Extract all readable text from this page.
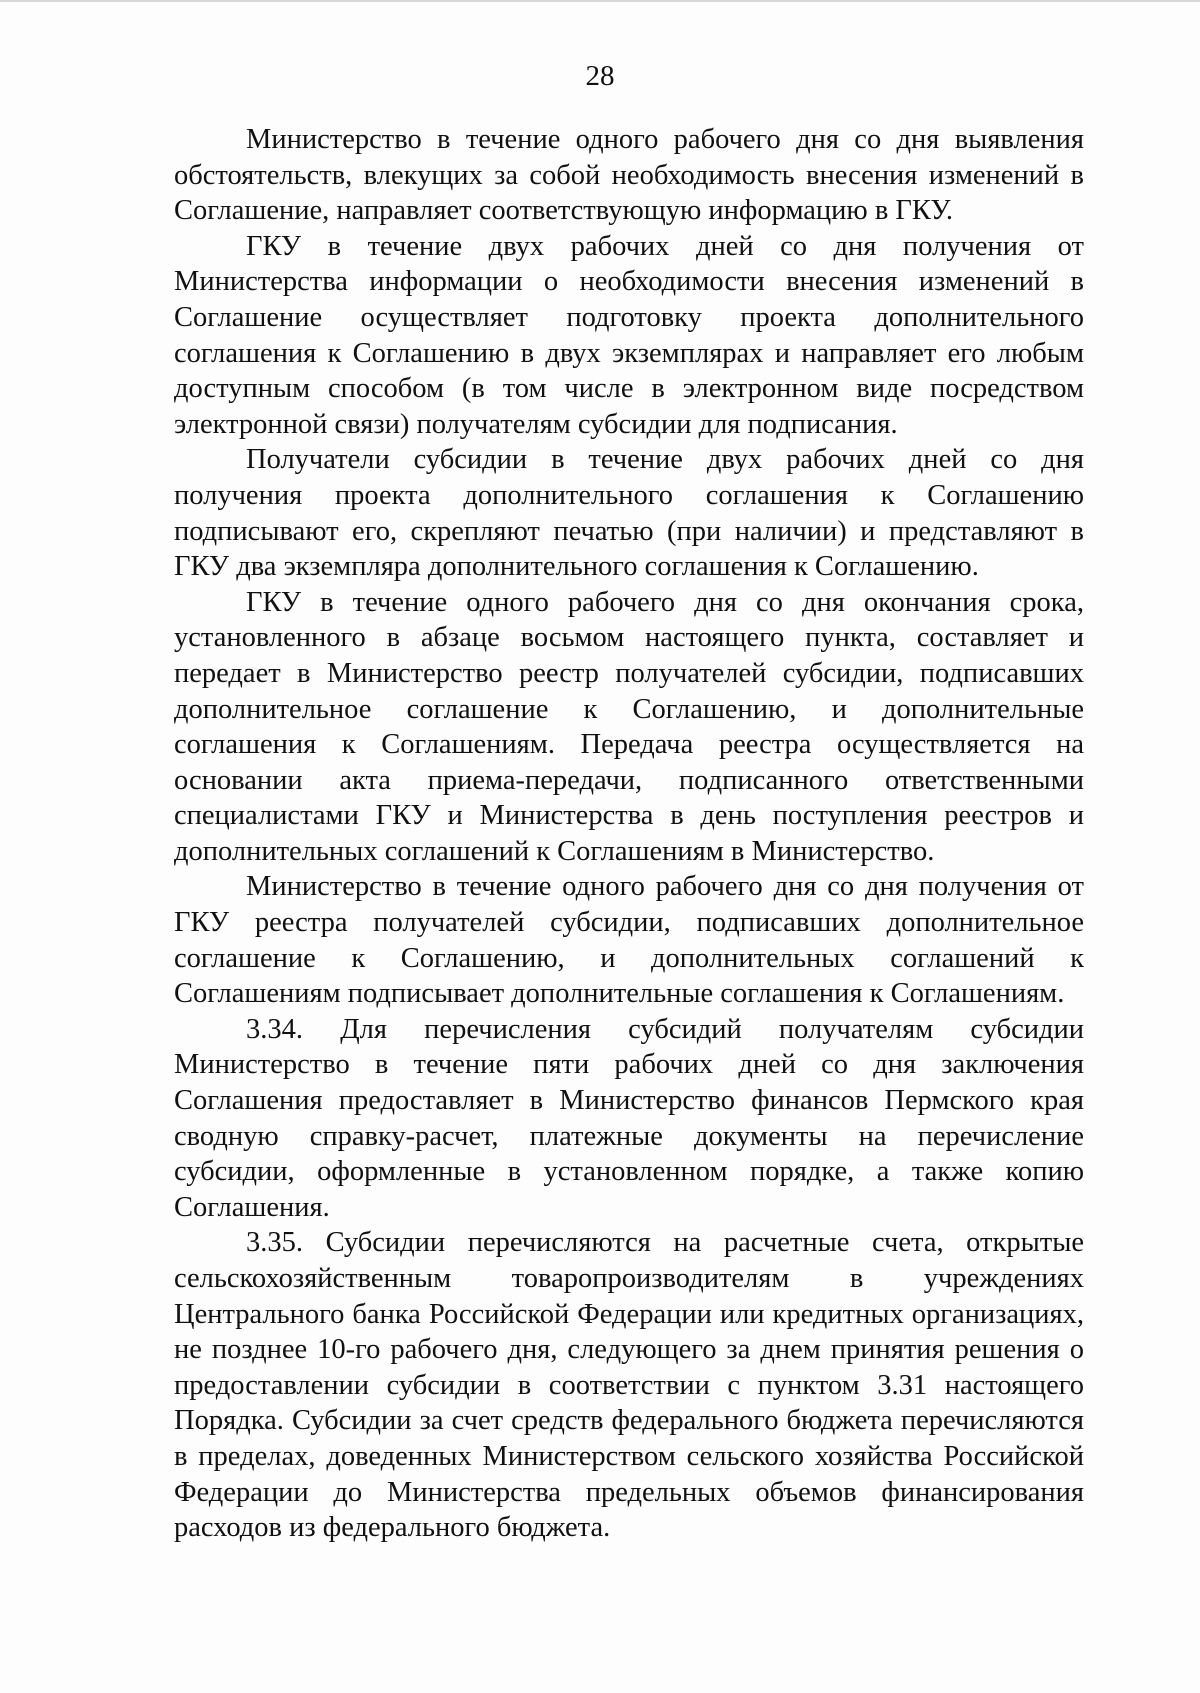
28

Министерство в течение одного рабочего дня со дня выявления обстоятельств, влекущих за собой необходимость внесения изменений в Соглашение, направляет соответствующую информацию в ГКУ.

ГКУ в течение двух рабочих дней со дня получения от Министерства информации о необходимости внесения изменений в Соглашение осуществляет подготовку проекта дополнительного соглашения к Соглашению в двух экземплярах и направляет его любым доступным способом (в том числе в электронном виде посредством электронной связи) получателям субсидии для подписания.

Получатели субсидии в течение двух рабочих дней со дня получения проекта дополнительного соглашения к Соглашению подписывают его, скрепляют печатью (при наличии) и представляют в ГКУ два экземпляра дополнительного соглашения к Соглашению.

ГКУ в течение одного рабочего дня со дня окончания срока, установленного в абзаце восьмом настоящего пункта, составляет и передает в Министерство реестр получателей субсидии, подписавших дополнительное соглашение к Соглашению, и дополнительные соглашения к Соглашениям. Передача реестра осуществляется на основании акта приема-передачи, подписанного ответственными специалистами ГКУ и Министерства в день поступления реестров и дополнительных соглашений к Соглашениям в Министерство.

Министерство в течение одного рабочего дня со дня получения от ГКУ реестра получателей субсидии, подписавших дополнительное соглашение к Соглашению, и дополнительных соглашений к Соглашениям подписывает дополнительные соглашения к Соглашениям.

3.34. Для перечисления субсидий получателям субсидии Министерство в течение пяти рабочих дней со дня заключения Соглашения предоставляет в Министерство финансов Пермского края сводную справку-расчет, платежные документы на перечисление субсидии, оформленные в установленном порядке, а также копию Соглашения.

3.35. Субсидии перечисляются на расчетные счета, открытые сельскохозяйственным товаропроизводителям в учреждениях Центрального банка Российской Федерации или кредитных организациях, не позднее 10-го рабочего дня, следующего за днем принятия решения о предоставлении субсидии в соответствии с пунктом 3.31 настоящего Порядка. Субсидии за счет средств федерального бюджета перечисляются в пределах, доведенных Министерством сельского хозяйства Российской Федерации до Министерства предельных объемов финансирования расходов из федерального бюджета.
